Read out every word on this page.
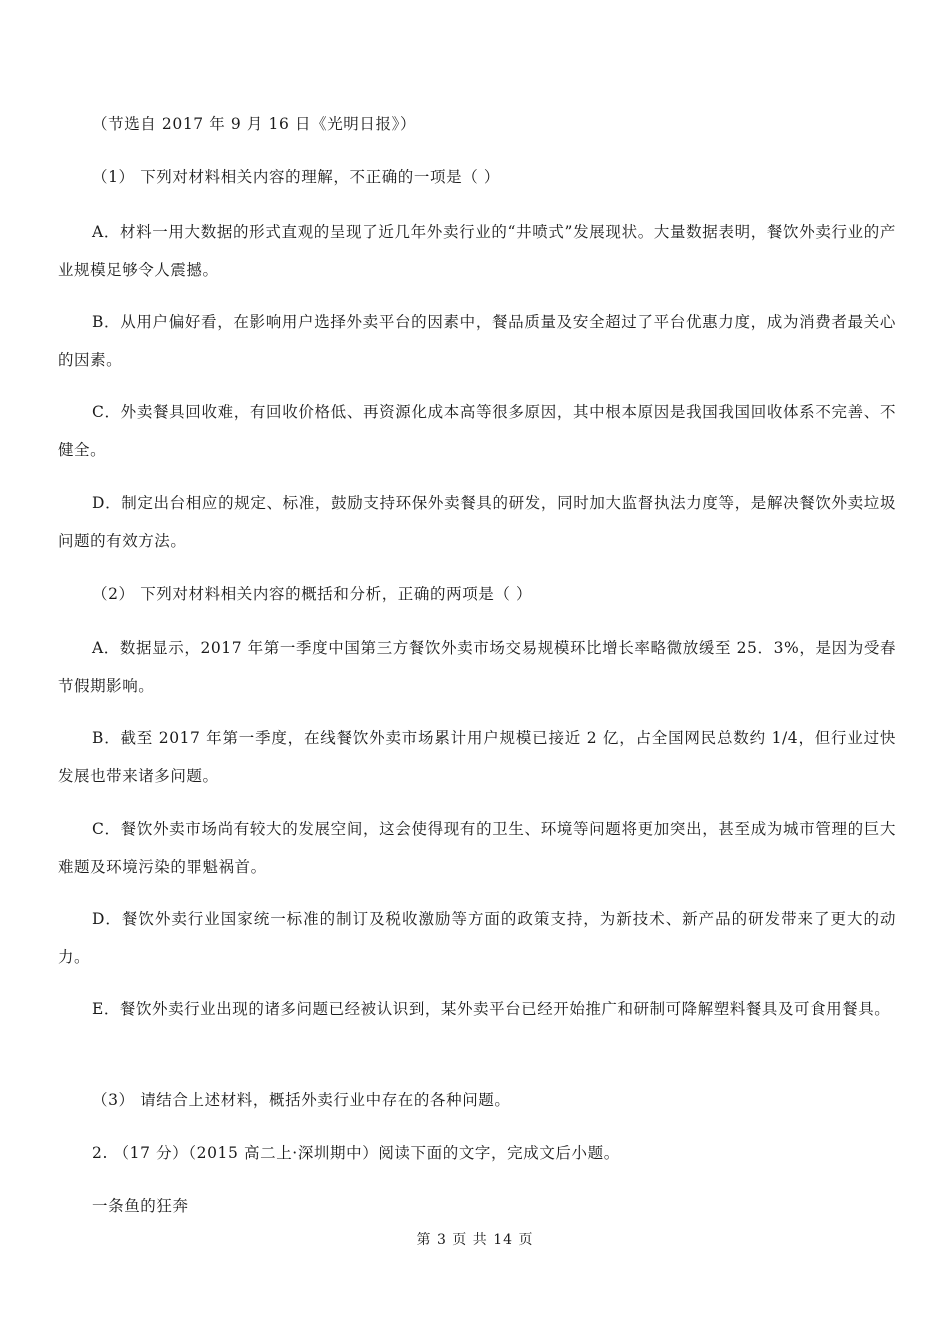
（节选自 2017 年 9 月 16 日《光明日报》）
（1） 下列对材料相关内容的理解，不正确的一项是（ ）
A．材料一用大数据的形式直观的呈现了近几年外卖行业的“井喷式”发展现状。大量数据表明，餐饮外卖行业的产业规模足够令人震撼。
B．从用户偏好看，在影响用户选择外卖平台的因素中，餐品质量及安全超过了平台优惠力度，成为消费者最关心的因素。
C．外卖餐具回收难，有回收价格低、再资源化成本高等很多原因，其中根本原因是我国我国回收体系不完善、不健全。
D．制定出台相应的规定、标准，鼓励支持环保外卖餐具的研发，同时加大监督执法力度等，是解决餐饮外卖垃圾问题的有效方法。
（2） 下列对材料相关内容的概括和分析，正确的两项是（ ）
A．数据显示，2017 年第一季度中国第三方餐饮外卖市场交易规模环比增长率略微放缓至 25．3%，是因为受春节假期影响。
B．截至 2017 年第一季度，在线餐饮外卖市场累计用户规模已接近 2 亿，占全国网民总数约 1/4，但行业过快发展也带来诸多问题。
C．餐饮外卖市场尚有较大的发展空间，这会使得现有的卫生、环境等问题将更加突出，甚至成为城市管理的巨大难题及环境污染的罪魁祸首。
D．餐饮外卖行业国家统一标准的制订及税收激励等方面的政策支持，为新技术、新产品的研发带来了更大的动力。
E．餐饮外卖行业出现的诸多问题已经被认识到，某外卖平台已经开始推广和研制可降解塑料餐具及可食用餐具。
（3） 请结合上述材料，概括外卖行业中存在的各种问题。
2. （17 分）（2015 高二上·深圳期中）阅读下面的文字，完成文后小题。
一条鱼的狂奔
第 3 页 共 14 页
